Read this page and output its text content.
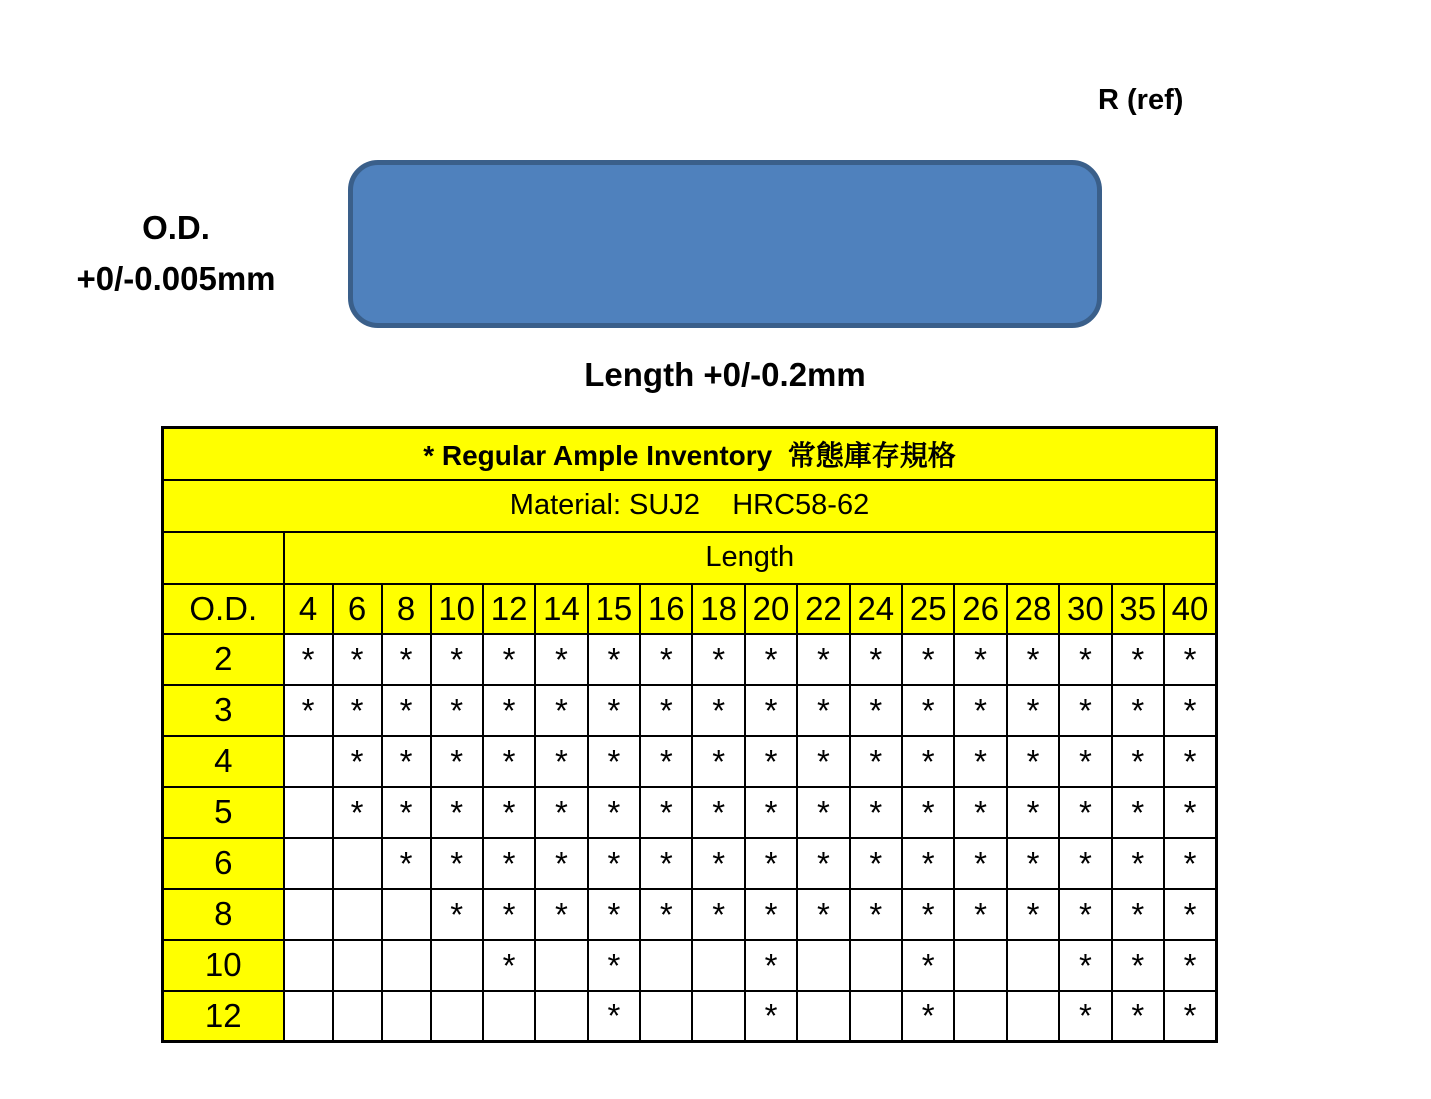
R (ref)
O.D.
+0/-0.005mm
Length +0/-0.2mm
* Regular Ample Inventory  常態庫存規格																		
Material: SUJ2    HRC58-62																		
	Length																	
O.D.	4	6	8	10	12	14	15	16	18	20	22	24	25	26	28	30	35	40
2	*	*	*	*	*	*	*	*	*	*	*	*	*	*	*	*	*	*
3	*	*	*	*	*	*	*	*	*	*	*	*	*	*	*	*	*	*
4		*	*	*	*	*	*	*	*	*	*	*	*	*	*	*	*	*
5		*	*	*	*	*	*	*	*	*	*	*	*	*	*	*	*	*
6			*	*	*	*	*	*	*	*	*	*	*	*	*	*	*	*
8				*	*	*	*	*	*	*	*	*	*	*	*	*	*	*
10					*		*			*			*			*	*	*
12							*			*			*			*	*	*
